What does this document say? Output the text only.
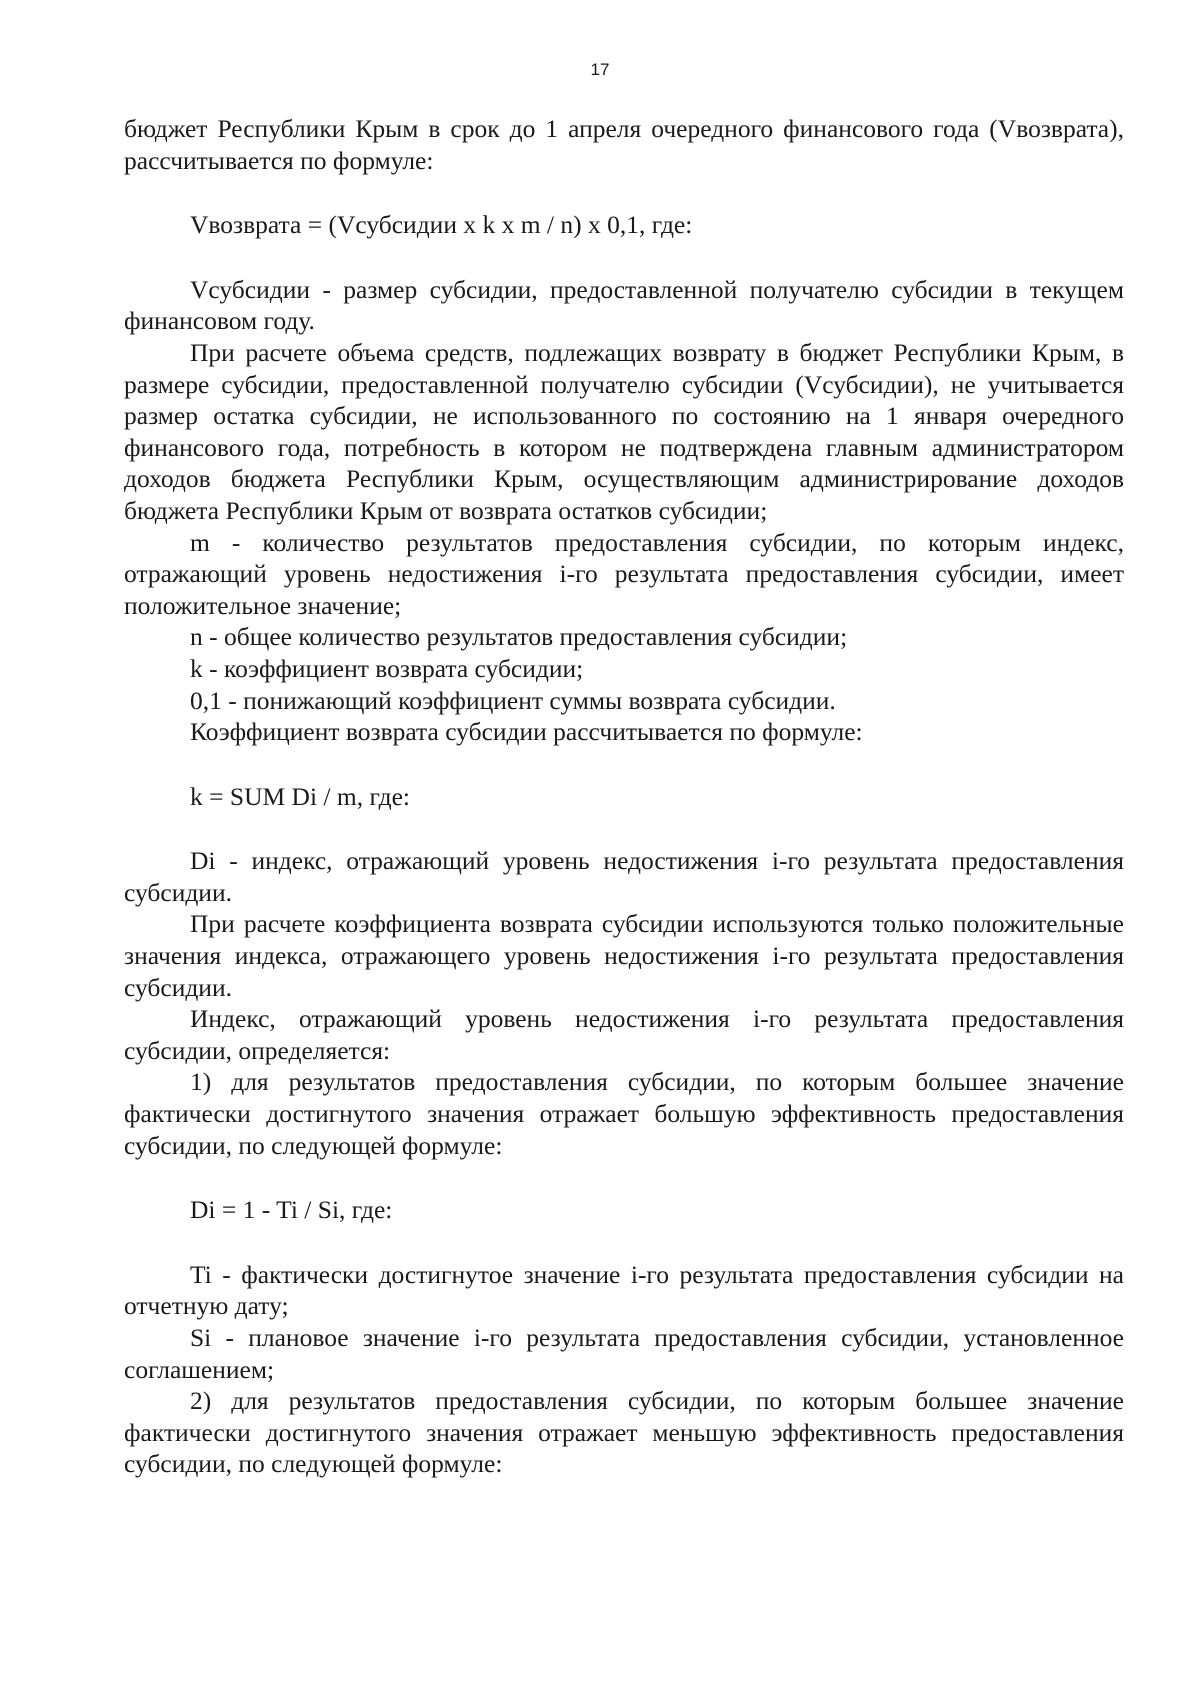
17

бюджет Республики Крым в срок до 1 апреля очередного финансового года (Vвозврата), рассчитывается по формуле:

Vвозврата = (Vсубсидии x k x m / n) x 0,1, где:

Vсубсидии - размер субсидии, предоставленной получателю субсидии в текущем финансовом году.

При расчете объема средств, подлежащих возврату в бюджет Республики Крым, в размере субсидии, предоставленной получателю субсидии (Vсубсидии), не учитывается размер остатка субсидии, не использованного по состоянию на 1 января очередного финансового года, потребность в котором не подтверждена главным администратором доходов бюджета Республики Крым, осуществляющим администрирование доходов бюджета Республики Крым от возврата остатков субсидии;

m - количество результатов предоставления субсидии, по которым индекс, отражающий уровень недостижения i-го результата предоставления субсидии, имеет положительное значение;

n - общее количество результатов предоставления субсидии;

k - коэффициент возврата субсидии;

0,1 - понижающий коэффициент суммы возврата субсидии.

Коэффициент возврата субсидии рассчитывается по формуле:

k = SUM Di / m, где:

Di - индекс, отражающий уровень недостижения i-го результата предоставления субсидии.

При расчете коэффициента возврата субсидии используются только положительные значения индекса, отражающего уровень недостижения i-го результата предоставления субсидии.

Индекс, отражающий уровень недостижения i-го результата предоставления субсидии, определяется:

1) для результатов предоставления субсидии, по которым большее значение фактически достигнутого значения отражает большую эффективность предоставления субсидии, по следующей формуле:

Di = 1 - Ti / Si, где:

Ti - фактически достигнутое значение i-го результата предоставления субсидии на отчетную дату;

Si - плановое значение i-го результата предоставления субсидии, установленное соглашением;

2) для результатов предоставления субсидии, по которым большее значение фактически достигнутого значения отражает меньшую эффективность предоставления субсидии, по следующей формуле:
